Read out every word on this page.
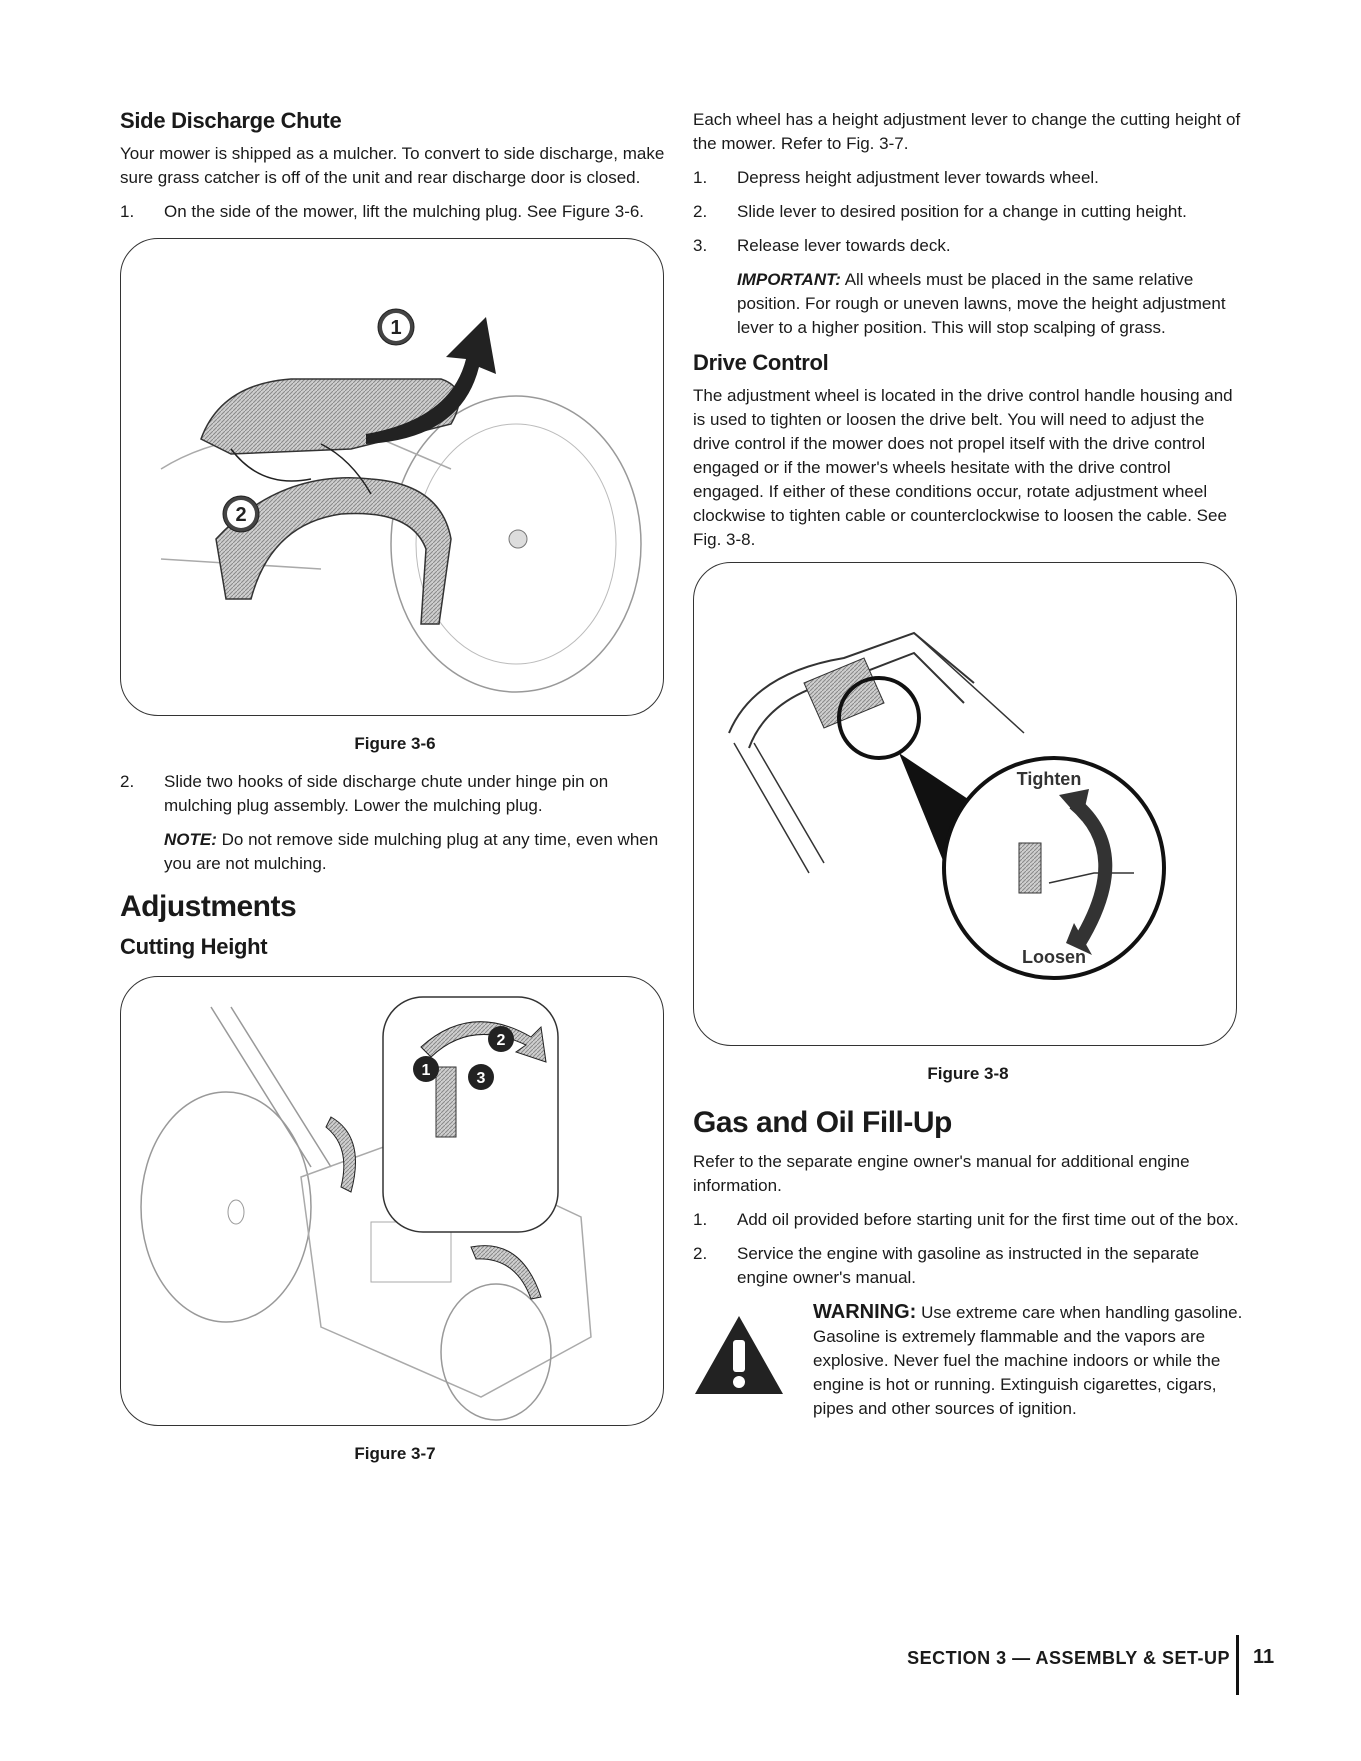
Side Discharge Chute

Your mower is shipped as a mulcher. To convert to side discharge, make sure grass catcher is off of the unit and rear discharge door is closed.

1.	On the side of the mower, lift the mulching plug. See Figure 3-6.
1
2
Figure 3-6
2.	Slide two hooks of side discharge chute under hinge pin on mulching plug assembly. Lower the mulching plug.

NOTE: Do not remove side mulching plug at any time, even when you are not mulching.

Adjustments
Cutting Height
1
2
3
Figure 3-7

Each wheel has a height adjustment lever to change the cutting height of the mower. Refer to Fig. 3-7.

1.	Depress height adjustment lever towards wheel.
2.	Slide lever to desired position for a change in cutting height.
3.	Release lever towards deck.

IMPORTANT: All wheels must be placed in the same relative position. For rough or uneven lawns, move the height adjustment lever to a higher position. This will stop scalping of grass.

Drive Control

The adjustment wheel is located in the drive control handle housing and is used to tighten or loosen the drive belt. You will need to adjust the drive control if the mower does not propel itself with the drive control engaged or if the mower's wheels hesitate with the drive control engaged. If either of these conditions occur, rotate adjustment wheel clockwise to tighten cable or counterclockwise to loosen the cable. See Fig. 3-8.

Tighten
Loosen
Figure 3-8
Gas and Oil Fill-Up

Refer to the separate engine owner's manual for additional engine information.

1.	Add oil provided before starting unit for the first time out of the box.
2.	Service the engine with gasoline as instructed in the separate engine owner's manual.
WARNING: Use extreme care when handling gasoline. Gasoline is extremely flammable and the vapors are explosive. Never fuel the machine indoors or while the engine is hot or running. Extinguish cigarettes, cigars, pipes and other sources of ignition.
SECTION 3 — ASSEMBLY & SET-UP 11
